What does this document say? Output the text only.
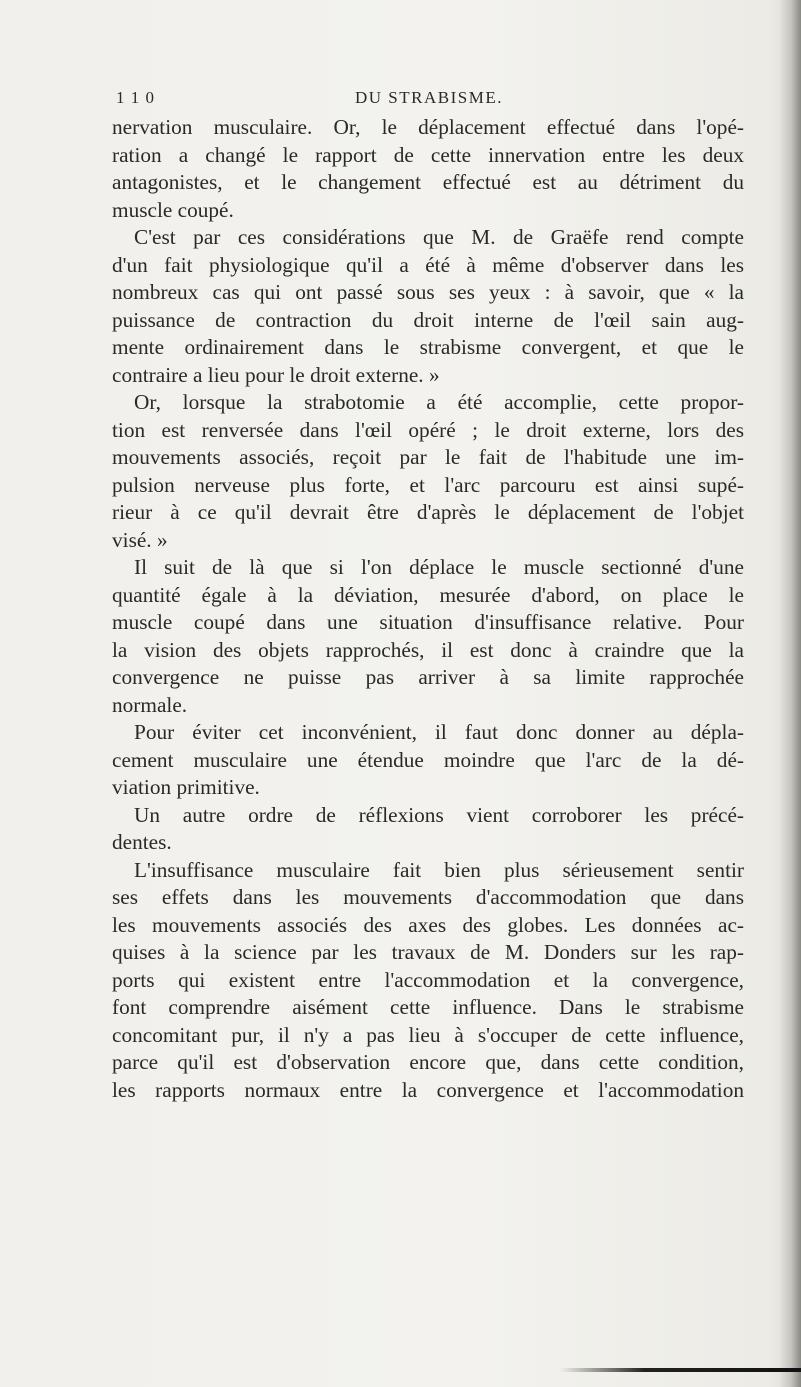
1 1 0	DU STRABISME.
nervation musculaire. Or, le déplacement effectué dans l'opé-
ration a changé le rapport de cette innervation entre les deux
antagonistes, et le changement effectué est au détriment du
muscle coupé.
C'est par ces considérations que M. de Graëfe rend compte
d'un fait physiologique qu'il a été à même d'observer dans les
nombreux cas qui ont passé sous ses yeux : à savoir, que « la
puissance de contraction du droit interne de l'œil sain aug-
mente ordinairement dans le strabisme convergent, et que le
contraire a lieu pour le droit externe. »
Or, lorsque la strabotomie a été accomplie, cette propor-
tion est renversée dans l'œil opéré ; le droit externe, lors des
mouvements associés, reçoit par le fait de l'habitude une im-
pulsion nerveuse plus forte, et l'arc parcouru est ainsi supé-
rieur à ce qu'il devrait être d'après le déplacement de l'objet
visé. »
Il suit de là que si l'on déplace le muscle sectionné d'une
quantité égale à la déviation, mesurée d'abord, on place le
muscle coupé dans une situation d'insuffisance relative. Pour
la vision des objets rapprochés, il est donc à craindre que la
convergence ne puisse pas arriver à sa limite rapprochée
normale.
Pour éviter cet inconvénient, il faut donc donner au dépla-
cement musculaire une étendue moindre que l'arc de la dé-
viation primitive.
Un autre ordre de réflexions vient corroborer les précé-
dentes.
L'insuffisance musculaire fait bien plus sérieusement sentir
ses effets dans les mouvements d'accommodation que dans
les mouvements associés des axes des globes. Les données ac-
quises à la science par les travaux de M. Donders sur les rap-
ports qui existent entre l'accommodation et la convergence,
font comprendre aisément cette influence. Dans le strabisme
concomitant pur, il n'y a pas lieu à s'occuper de cette influence,
parce qu'il est d'observation encore que, dans cette condition,
les rapports normaux entre la convergence et l'accommodation
